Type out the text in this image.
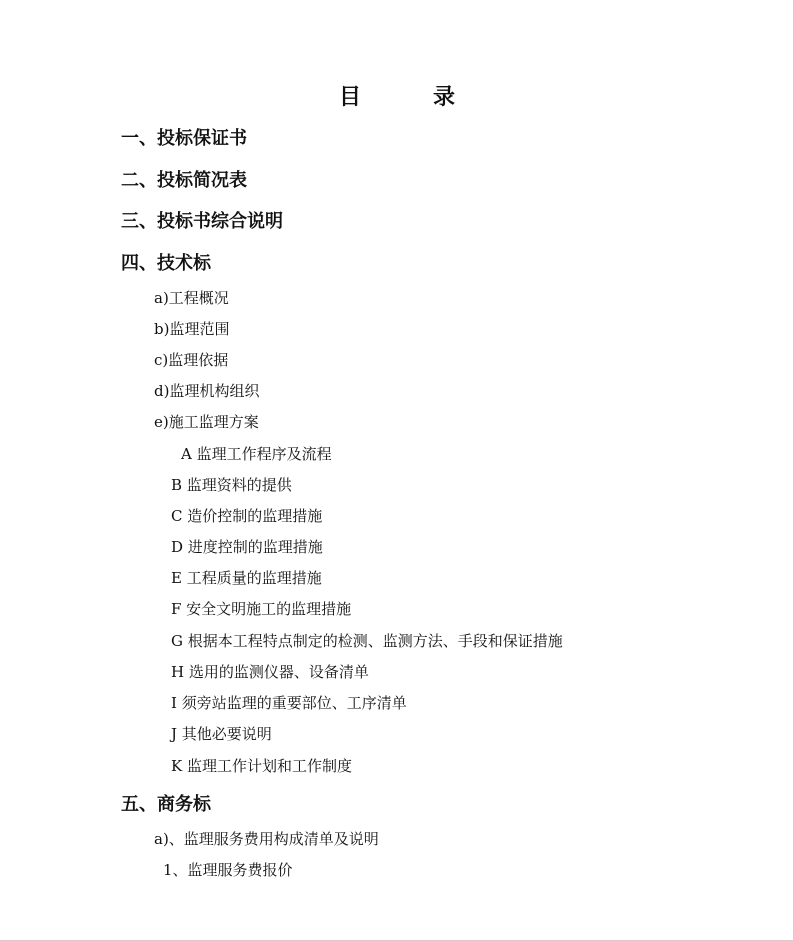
目	录
一、投标保证书
二、投标简况表
三、投标书综合说明
四、技术标
a)工程概况
b)监理范围
c)监理依据
d)监理机构组织
e)施工监理方案
A 监理工作程序及流程
B 监理资料的提供
C 造价控制的监理措施
D 进度控制的监理措施
E 工程质量的监理措施
F 安全文明施工的监理措施
G 根据本工程特点制定的检测、监测方法、手段和保证措施
H 选用的监测仪器、设备清单
I 须旁站监理的重要部位、工序清单
J 其他必要说明
K 监理工作计划和工作制度
五、商务标
a)、监理服务费用构成清单及说明
1、监理服务费报价
